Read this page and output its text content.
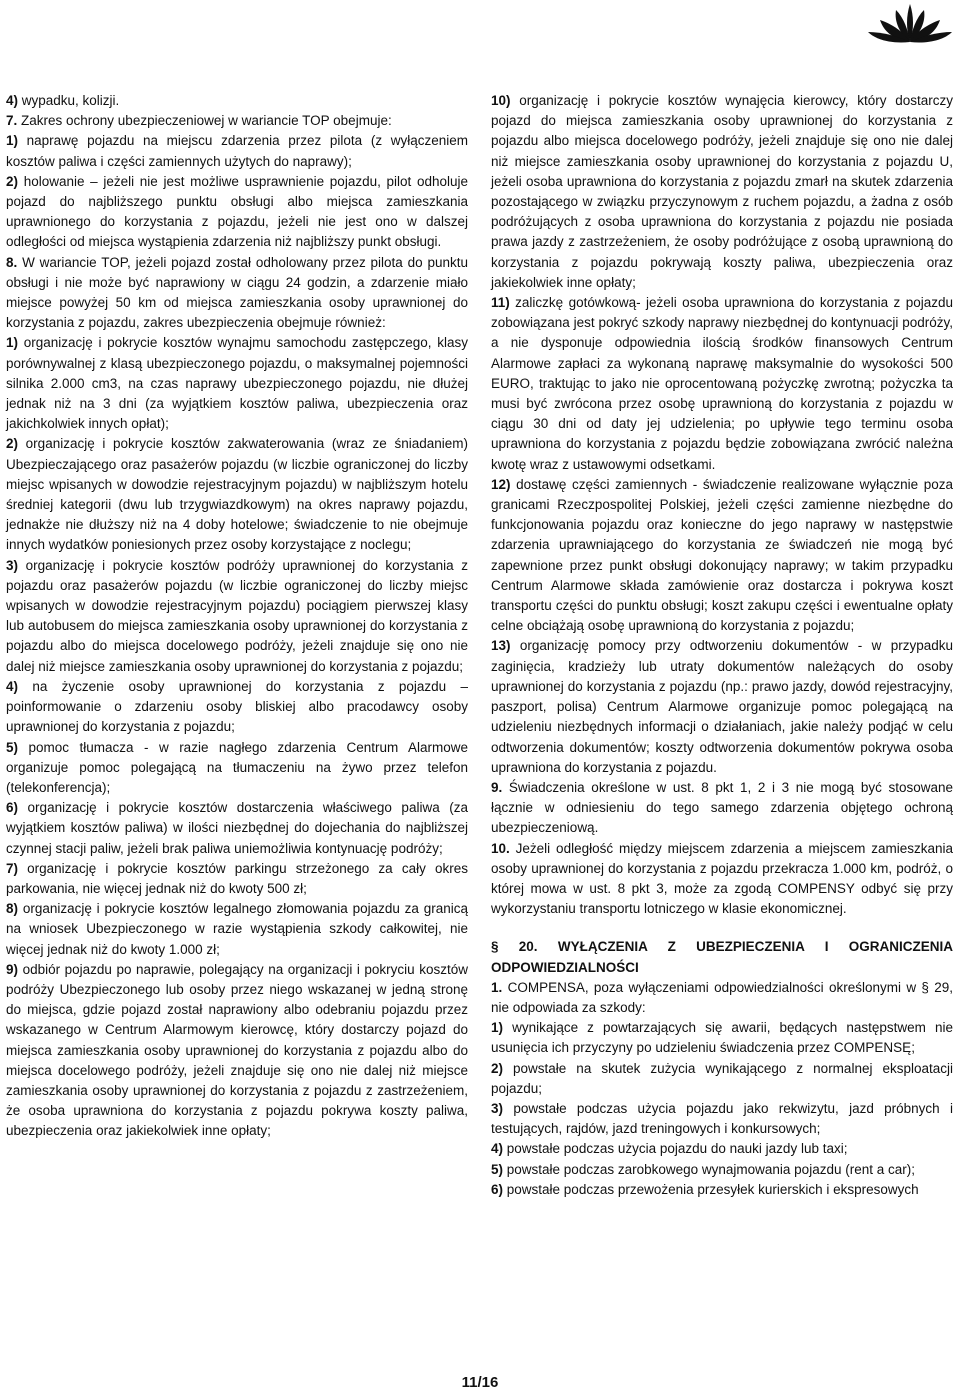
4) wypadku, kolizji.

7. Zakres ochrony ubezpieczeniowej w wariancie TOP obejmuje:

1) naprawę pojazdu na miejscu zdarzenia przez pilota (z wyłączeniem kosztów paliwa i części zamiennych użytych do naprawy);

2) holowanie – jeżeli nie jest możliwe usprawnienie pojazdu, pilot odholuje pojazd do najbliższego punktu obsługi albo miejsca zamieszkania uprawnionego do korzystania z pojazdu, jeżeli nie jest ono w dalszej odległości od miejsca wystąpienia zdarzenia niż najbliższy punkt obsługi.

8. W wariancie TOP, jeżeli pojazd został odholowany przez pilota do punktu obsługi i nie może być naprawiony w ciągu 24 godzin, a zdarzenie miało miejsce powyżej 50 km od miejsca zamieszkania osoby uprawnionej do korzystania z pojazdu, zakres ubezpieczenia obejmuje również:

1) organizację i pokrycie kosztów wynajmu samochodu zastępczego, klasy porównywalnej z klasą ubezpieczonego pojazdu, o maksymalnej pojemności silnika 2.000 cm3, na czas naprawy ubezpieczonego pojazdu, nie dłużej jednak niż na 3 dni (za wyjątkiem kosztów paliwa, ubezpieczenia oraz jakichkolwiek innych opłat);

2) organizację i pokrycie kosztów zakwaterowania (wraz ze śniadaniem) Ubezpieczającego oraz pasażerów pojazdu (w liczbie ograniczonej do liczby miejsc wpisanych w dowodzie rejestracyjnym pojazdu) w najbliższym hotelu średniej kategorii (dwu lub trzygwiazdkowym) na okres naprawy pojazdu, jednakże nie dłuższy niż na 4 doby hotelowe; świadczenie to nie obejmuje innych wydatków poniesionych przez osoby korzystające z noclegu;

3) organizację i pokrycie kosztów podróży uprawnionej do korzystania z pojazdu oraz pasażerów pojazdu (w liczbie ograniczonej do liczby miejsc wpisanych w dowodzie rejestracyjnym pojazdu) pociągiem pierwszej klasy lub autobusem do miejsca zamieszkania osoby uprawnionej do korzystania z pojazdu albo do miejsca docelowego podróży, jeżeli znajduje się ono nie dalej niż miejsce zamieszkania osoby uprawnionej do korzystania z pojazdu;

4) na życzenie osoby uprawnionej do korzystania z pojazdu – poinformowanie o zdarzeniu osoby bliskiej albo pracodawcy osoby uprawnionej do korzystania z pojazdu;

5) pomoc tłumacza - w razie nagłego zdarzenia Centrum Alarmowe organizuje pomoc polegającą na tłumaczeniu na żywo przez telefon (telekonferencja);

6) organizację i pokrycie kosztów dostarczenia właściwego paliwa (za wyjątkiem kosztów paliwa) w ilości niezbędnej do dojechania do najbliższej czynnej stacji paliw, jeżeli brak paliwa uniemożliwia kontynuację podróży;

7) organizację i pokrycie kosztów parkingu strzeżonego za cały okres parkowania, nie więcej jednak niż do kwoty 500 zł;

8) organizację i pokrycie kosztów legalnego złomowania pojazdu za granicą na wniosek Ubezpieczonego w razie wystąpienia szkody całkowitej, nie więcej jednak niż do kwoty 1.000 zł;

9) odbiór pojazdu po naprawie, polegający na organizacji i pokryciu kosztów podróży Ubezpieczonego lub osoby przez niego wskazanej w jedną stronę do miejsca, gdzie pojazd został naprawiony albo odebraniu pojazdu przez wskazanego w Centrum Alarmowym kierowcę, który dostarczy pojazd do miejsca zamieszkania osoby uprawnionej do korzystania z pojazdu albo do miejsca docelowego podróży, jeżeli znajduje się ono nie dalej niż miejsce zamieszkania osoby uprawnionej do korzystania z pojazdu z zastrzeżeniem, że osoba uprawniona do korzystania z pojazdu pokrywa koszty paliwa, ubezpieczenia oraz jakiekolwiek inne opłaty;

10) organizację i pokrycie kosztów wynajęcia kierowcy, który dostarczy pojazd do miejsca zamieszkania osoby uprawnionej do korzystania z pojazdu albo miejsca docelowego podróży, jeżeli znajduje się ono nie dalej niż miejsce zamieszkania osoby uprawnionej do korzystania z pojazdu U, jeżeli osoba uprawniona do korzystania z pojazdu zmarł na skutek zdarzenia pozostającego w związku przyczynowym z ruchem pojazdu, a żadna z osób podróżujących z osoba uprawniona do korzystania z pojazdu nie posiada prawa jazdy z zastrzeżeniem, że osoby podróżujące z osobą uprawnioną do korzystania z pojazdu pokrywają koszty paliwa, ubezpieczenia oraz jakiekolwiek inne opłaty;

11) zaliczkę gotówkową- jeżeli osoba uprawniona do korzystania z pojazdu zobowiązana jest pokryć szkody naprawy niezbędnej do kontynuacji podróży, a nie dysponuje odpowiednia ilością środków finansowych Centrum Alarmowe zapłaci za wykonaną naprawę maksymalnie do wysokości 500 EURO, traktując to jako nie oprocentowaną pożyczkę zwrotną; pożyczka ta musi być zwrócona przez osobę uprawnioną do korzystania z pojazdu w ciągu 30 dni od daty jej udzielenia; po upływie tego terminu osoba uprawniona do korzystania z pojazdu będzie zobowiązana zwrócić należna kwotę wraz z ustawowymi odsetkami.

12) dostawę części zamiennych - świadczenie realizowane wyłącznie poza granicami Rzeczpospolitej Polskiej, jeżeli części zamienne niezbędne do funkcjonowania pojazdu oraz konieczne do jego naprawy w następstwie zdarzenia uprawniającego do korzystania ze świadczeń nie mogą być zapewnione przez punkt obsługi dokonujący naprawy; w takim przypadku Centrum Alarmowe składa zamówienie oraz dostarcza i pokrywa koszt transportu części do punktu obsługi; koszt zakupu części i ewentualne opłaty celne obciążają osobę uprawnioną do korzystania z pojazdu;

13) organizację pomocy przy odtworzeniu dokumentów - w przypadku zaginięcia, kradzieży lub utraty dokumentów należących do osoby uprawnionej do korzystania z pojazdu (np.: prawo jazdy, dowód rejestracyjny, paszport, polisa) Centrum Alarmowe organizuje pomoc polegającą na udzieleniu niezbędnych informacji o działaniach, jakie należy podjąć w celu odtworzenia dokumentów; koszty odtworzenia dokumentów pokrywa osoba uprawniona do korzystania z pojazdu.

9. Świadczenia określone w ust. 8 pkt 1, 2 i 3 nie mogą być stosowane łącznie w odniesieniu do tego samego zdarzenia objętego ochroną ubezpieczeniową.

10. Jeżeli odległość między miejscem zdarzenia a miejscem zamieszkania osoby uprawnionej do korzystania z pojazdu przekracza 1.000 km, podróż, o której mowa w ust. 8 pkt 3, może za zgodą COMPENSY odbyć się przy wykorzystaniu transportu lotniczego w klasie ekonomicznej.

§ 20. WYŁĄCZENIA Z UBEZPIECZENIA I OGRANICZENIA ODPOWIEDZIALNOŚCI

1. COMPENSA, poza wyłączeniami odpowiedzialności określonymi w § 29, nie odpowiada za szkody:

1) wynikające z powtarzających się awarii, będących następstwem nie usunięcia ich przyczyny po udzieleniu świadczenia przez COMPENSĘ;

2) powstałe na skutek zużycia wynikającego z normalnej eksploatacji pojazdu;

3) powstałe podczas użycia pojazdu jako rekwizytu, jazd próbnych i testujących, rajdów, jazd treningowych i konkursowych;

4) powstałe podczas użycia pojazdu do nauki jazdy lub taxi;

5) powstałe podczas zarobkowego wynajmowania pojazdu (rent a car);

6) powstałe podczas przewożenia przesyłek kurierskich i ekspresowych

11/16
